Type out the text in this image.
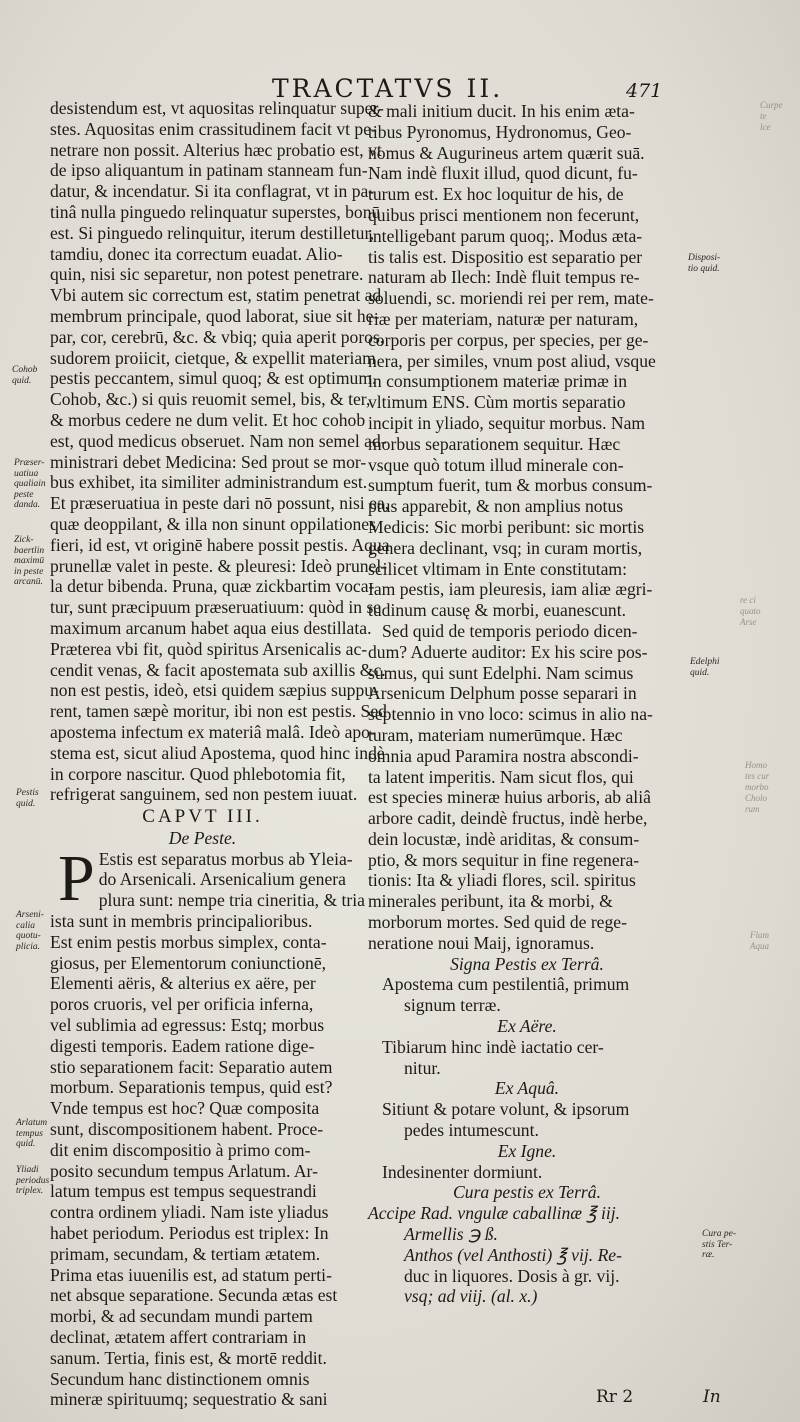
Curpe
te
lce
re ci
quato
Arse
Homo
tes cur
morbo
Cholo
rum
Flam
Aqua
TRACTATVS II.	471
desistendum est, vt aquositas relinquatur super-
stes. Aquositas enim crassitudinem facit vt pe-
netrare non possit. Alterius hæc probatio est, vt
de ipso aliquantum in patinam stanneam fun-
datur, & incendatur. Si ita conflagrat, vt in pa-
tinâ nulla pinguedo relinquatur superstes, bonū
est. Si pinguedo relinquitur, iterum destilletur,
tamdiu, donec ita correctum euadat. Alio-
quin, nisi sic separetur, non potest penetrare.
Vbi autem sic correctum est, statim penetrat ad
membrum principale, quod laborat, siue sit he-
par, cor, cerebrū, &c. & vbiq; quia aperit poros,
sudorem proiicit, cietque, & expellit materiam
pestis peccantem, simul quoq; & est optimum.
Cohob, &c.) si quis reuomit semel, bis, & ter,
& morbus cedere ne dum velit. Et hoc cohob
est, quod medicus obseruet. Nam non semel ad-
ministrari debet Medicina: Sed prout se mor-
bus exhibet, ita similiter administrandum est.
Et præseruatiua in peste dari nō possunt, nisi ea,
quæ deoppilant, & illa non sinunt oppilationes
fieri, id est, vt originē habere possit pestis. Aqua
prunellæ valet in peste. & pleuresi: Ideò prunel-
la detur bibenda. Pruna, quæ zickbartim voca-
tur, sunt præcipuum præseruatiuum: quòd in se
maximum arcanum habet aqua eius destillata.
Præterea vbi fit, quòd spiritus Arsenicalis ac-
cendit venas, & facit apostemata sub axillis &c.
non est pestis, ideò, etsi quidem sæpius suppu-
rent, tamen sæpè moritur, ibi non est pestis. Sed
apostema infectum ex materiâ malâ. Ideò apo-
stema est, sicut aliud Apostema, quod hinc indè
in corpore nascitur. Quod phlebotomia fit,
refrigerat sanguinem, sed non pestem iuuat.
CAPVT III.
De Peste.
P Estis est separatus morbus ab Yleia-
do Arsenicali. Arsenicalium genera
plura sunt: nempe tria cineritia, & tria
ista sunt in membris principalioribus.
Est enim pestis morbus simplex, conta-
giosus, per Elementorum coniunctionē,
Elementi aëris, & alterius ex aëre, per
poros cruoris, vel per orificia inferna,
vel sublimia ad egressus: Estq; morbus
digesti temporis. Eadem ratione dige-
stio separationem facit: Separatio autem
morbum. Separationis tempus, quid est?
Vnde tempus est hoc? Quæ composita
sunt, discompositionem habent. Proce-
dit enim discompositio à primo com-
posito secundum tempus Arlatum. Ar-
latum tempus est tempus sequestrandi
contra ordinem yliadi. Nam iste yliadus
habet periodum. Periodus est triplex: In
primam, secundam, & tertiam ætatem.
Prima etas iuuenilis est, ad statum perti-
net absque separatione. Secunda ætas est
morbi, & ad secundam mundi partem
declinat, ætatem affert contrariam in
sanum. Tertia, finis est, & mortē reddit.
Secundum hanc distinctionem omnis
mineræ spirituumq; sequestratio & sani
& mali initium ducit. In his enim æta-
tibus Pyronomus, Hydronomus, Geo-
nomus & Augurineus artem quærit suā.
Nam indè fluxit illud, quod dicunt, fu-
turum est. Ex hoc loquitur de his, de
quibus prisci mentionem non fecerunt,
intelligebant parum quoq;. Modus æta-
tis talis est. Dispositio est separatio per
naturam ab Ilech: Indè fluit tempus re-
soluendi, sc. moriendi rei per rem, mate-
riæ per materiam, naturæ per naturam,
corporis per corpus, per species, per ge-
nera, per similes, vnum post aliud, vsque
in consumptionem materiæ primæ in
vltimum ENS. Cùm mortis separatio
incipit in yliado, sequitur morbus. Nam
morbus separationem sequitur. Hæc
vsque quò totum illud minerale con-
sumptum fuerit, tum & morbus consum-
ptus apparebit, & non amplius notus
Medicis: Sic morbi peribunt: sic mortis
genera declinant, vsq; in curam mortis,
scilicet vltimam in Ente constitutam:
Iam pestis, iam pleuresis, iam aliæ ægri-
tudinum causę & morbi, euanescunt.
Sed quid de temporis periodo dicen-
dum? Aduerte auditor: Ex his scire pos-
sumus, qui sunt Edelphi. Nam scimus
Arsenicum Delphum posse separari in
septennio in vno loco: scimus in alio na-
turam, materiam numerūmque. Hæc
omnia apud Paramira nostra abscondi-
ta latent imperitis. Nam sicut flos, qui
est species mineræ huius arboris, ab aliâ
arbore cadit, deindè fructus, indè herbe,
dein locustæ, indè ariditas, & consum-
ptio, & mors sequitur in fine regenera-
tionis: Ita & yliadi flores, scil. spiritus
minerales peribunt, ita & morbi, &
morborum mortes. Sed quid de rege-
neratione noui Maij, ignoramus.
Signa Pestis ex Terrâ.
Apostema cum pestilentiâ, primum
signum terræ.
Ex Aëre.
Tibiarum hinc indè iactatio cer-
nitur.
Ex Aquâ.
Sitiunt & potare volunt, & ipsorum
pedes intumescunt.
Ex Igne.
Indesinenter dormiunt.
Cura pestis ex Terrâ.
Accipe Rad. vngulæ caballinæ ℥ iij.
Armellis ℈ ß.
Anthos (vel Anthosti) ℥ vij. Re-
duc in liquores. Dosis à gr. vij.
vsq; ad viij. (al. x.)
Cohob
quid.
Præser-
uatiua
qualiain
peste
danda.
Zick-
baertlin
maximū
in peste
arcanū.
Pestis
quid.
Arseni-
calia
quotu-
plicia.
Arlatum
tempus
quid.
Yliadi
periodus
triplex.
Disposi-
tio quid.
Edelphi
quid.
Cura pe-
stis Ter-
ræ.
Rr 2	In
